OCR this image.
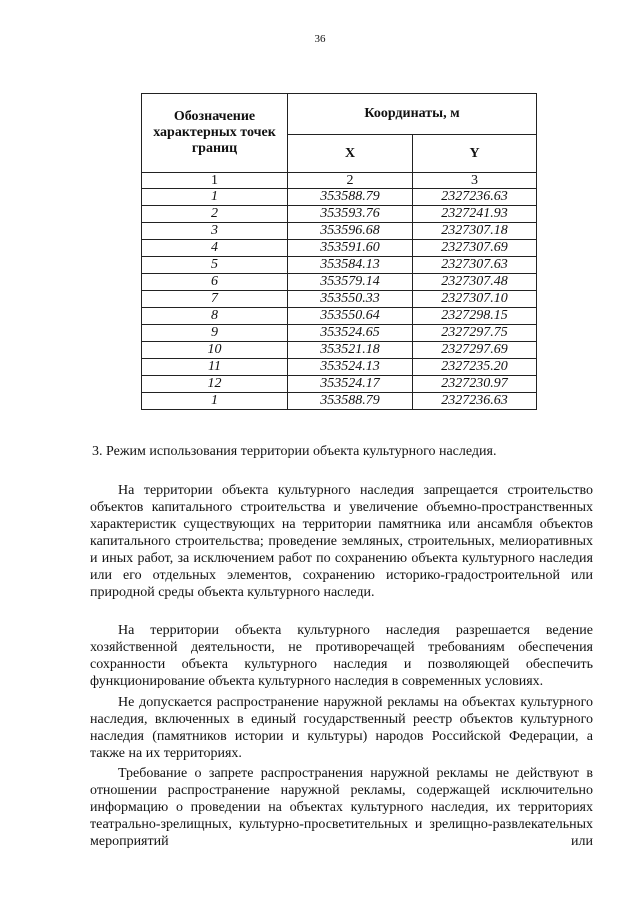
36
Обозначение характерных точек границ	Координаты, м	
	X	Y
1	2	3
1	353588.79	2327236.63
2	353593.76	2327241.93
3	353596.68	2327307.18
4	353591.60	2327307.69
5	353584.13	2327307.63
6	353579.14	2327307.48
7	353550.33	2327307.10
8	353550.64	2327298.15
9	353524.65	2327297.75
10	353521.18	2327297.69
11	353524.13	2327235.20
12	353524.17	2327230.97
1	353588.79	2327236.63
3. Режим использования территории объекта культурного наследия.

На территории объекта культурного наследия запрещается строительство объектов капитального строительства и увеличение объемно-пространственных характеристик существующих на территории памятника или ансамбля объектов капитального строительства; проведение земляных, строительных, мелиоративных и иных работ, за исключением работ по сохранению объекта культурного наследия или его отдельных элементов, сохранению историко-градостроительной или природной среды объекта культурного наследи.

На территории объекта культурного наследия разрешается ведение хозяйственной деятельности, не противоречащей требованиям обеспечения сохранности объекта культурного наследия и позволяющей обеспечить функционирование объекта культурного наследия в современных условиях.

Не допускается распространение наружной рекламы на объектах культурного наследия, включенных в единый государственный реестр объектов культурного наследия (памятников истории и культуры) народов Российской Федерации, а также на их территориях.

Требование о запрете распространения наружной рекламы не действуют в отношении распространение наружной рекламы, содержащей исключительно информацию о проведении на объектах культурного наследия, их территориях театрально-зрелищных, культурно-просветительных и зрелищно-развлекательных мероприятий или
